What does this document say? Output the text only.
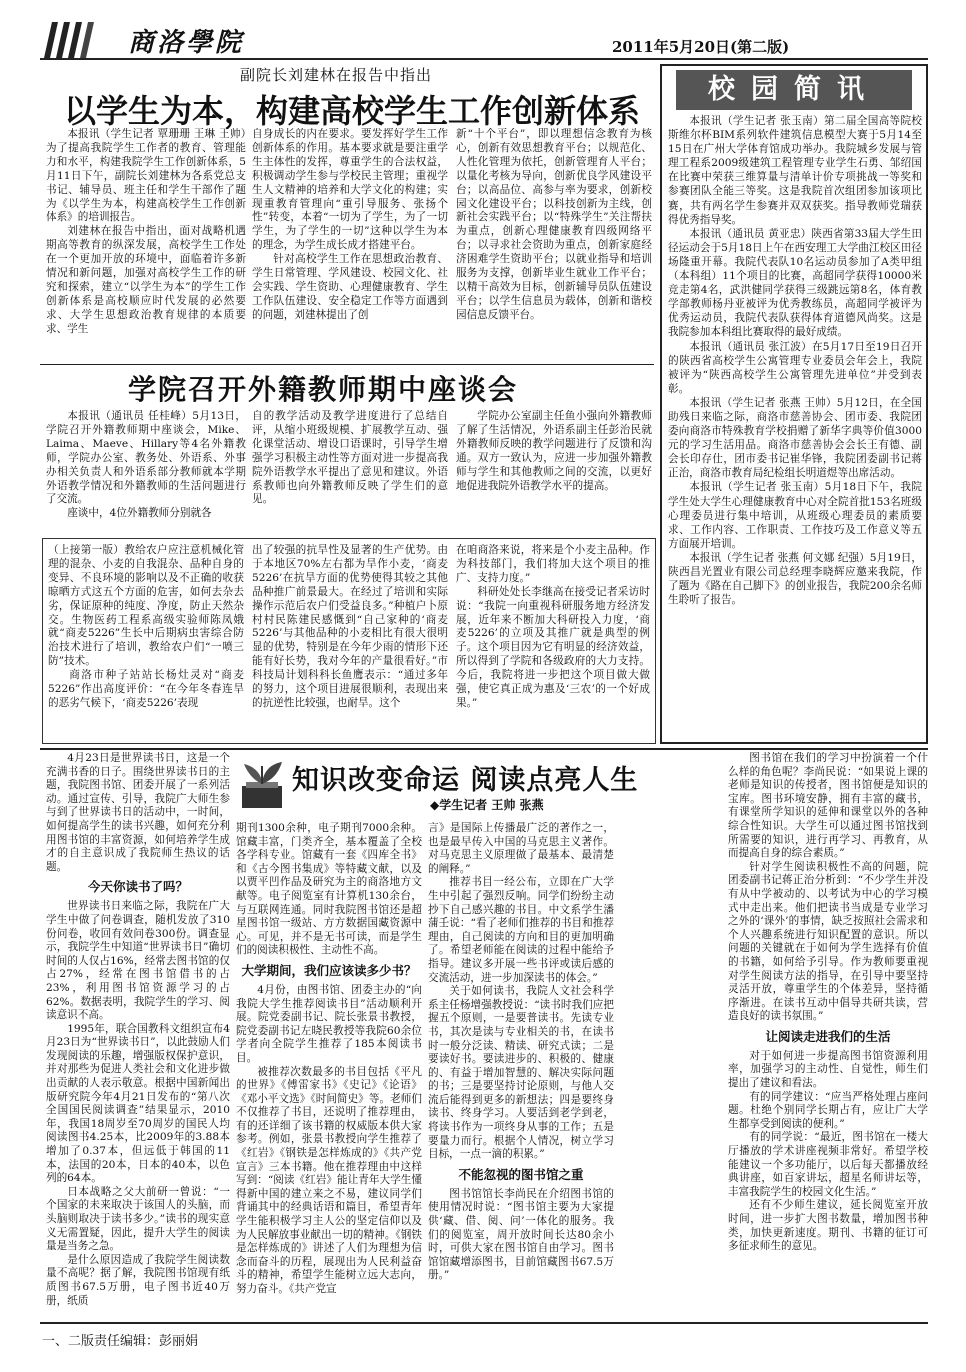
商洛學院	2011年5月20日(第二版)
副院长刘建林在报告中指出
以学生为本，构建高校学生工作创新体系

本报讯（学生记者 覃珊珊 王琳 王帅）为了提高我院学生工作者的教育、管理能力和水平，构建我院学生工作创新体系，5月11日下午，副院长刘建林为各系党总支书记、辅导员、班主任和学生干部作了题为《以学生为本，构建高校学生工作创新体系》的培训报告。

刘建林在报告中指出，面对战略机遇期高等教育的纵深发展，高校学生工作处在一个更加开放的环境中，面临着许多新情况和新问题，加强对高校学生工作的研究和探索，建立“以学生为本”的学生工作创新体系是高校顺应时代发展的必然要求、大学生思想政治教育规律的本质要求、学生

自身成长的内在要求。要发挥好学生工作创新体系的作用。基本要求就是要注重学生主体性的发挥，尊重学生的合法权益，积极调动学生参与学校民主管理；重视学生人文精神的培养和大学文化的构建；实现重教育管理向“重引导服务、张扬个性”转变，本着“一切为了学生，为了一切学生，为了学生的一切”这种以学生为本的理念，为学生成长成才搭建平台。

针对高校学生工作在思想政治教育、学生日常管理、学风建设、校园文化、社会实践、学生资助、心理健康教育、学生工作队伍建设、安全稳定工作等方面遇到的问题，刘建林提出了创

新“十个平台”，即以理想信念教育为核心，创新有效思想教育平台；以规范化、人性化管理为依托，创新管理育人平台；以量化考核为导向，创新优良学风建设平台；以高品位、高参与率为要求，创新校园文化建设平台；以科技创新为主线，创新社会实践平台；以“特殊学生”关注帮扶为重点，创新心理健康教育四级网络平台；以寻求社会资助为重点，创新家庭经济困难学生资助平台；以就业指导和培训服务为支撑，创新毕业生就业工作平台；以精干高效为目标，创新辅导员队伍建设平台；以学生信息员为载体，创新和谐校园信息反馈平台。

学院召开外籍教师期中座谈会

本报讯（通讯员 任桂峰）5月13日，学院召开外籍教师期中座谈会，Mike、Laima、Maeve、Hillary等4名外籍教师，学院办公室、教务处、外语系、外事办相关负责人和外语系部分教师就本学期外语教学情况和外籍教师的生活问题进行了交流。

座谈中，4位外籍教师分别就各

自的教学活动及教学进度进行了总结自评，从缩小班级规模、扩展教学互动、强化课堂活动、增设口语课时，引导学生增强学习积极主动性等方面对进一步提高我院外语教学水平提出了意见和建议。外语系教师也向外籍教师反映了学生们的意见。

学院办公室副主任鱼小强向外籍教师了解了生活情况，外语系副主任彭治民就外籍教师反映的教学问题进行了反馈和沟通。双方一致认为，应进一步加强外籍教师与学生和其他教师之间的交流，以更好地促进我院外语教学水平的提高。

（上接第一版）教给农户应注意机械化管理的混杂、小麦的自我混杂、品种自身的变异、不良环境的影响以及不正确的收获晾晒方式这五个方面的危害，如何去杂去劣，保证原种的纯度、净度，防止天然杂交。生物医药工程系高级实验师陈凤娥就“商麦5226”生长中后期病虫害综合防治技术进行了培训，教给农户们“一喷三防”技术。

商洛市种子站站长杨灶灵对“商麦5226”作出高度评价：“在今年冬春连旱的恶劣气候下，‘商麦5226’表现

出了较强的抗旱性及显著的生产优势。由于本地区70%左右都为旱作小麦，‘商麦5226’在抗旱方面的优势使得其较之其他品种推广前景最大。在经过了培训和实际操作示范后农户们受益良多。”种植户卜原村村民陈建民感慨到“自己家种的‘商麦5226’与其他品种的小麦相比有很大很明显的优势，特别是在今年少雨的情形下还能有好长势，我对今年的产量很看好。”市科技局计划科科长鱼鹰表示：“通过多年的努力，这个项目进展很顺利，表现出来的抗逆性比较强，也耐旱。这个

在咱商洛来说，将来是个小麦主品种。作为科技部门，我们将加大这个项目的推广、支持力度。”

科研处处长李继高在接受记者采访时说：“我院一向重视科研服务地方经济发展，近年来不断加大科研投入力度，‘商麦5226’的立项及其推广就是典型的例子。这个项目因为它有明显的经济效益，所以得到了学院和各级政府的大力支持。今后，我院将进一步把这个项目做大做强，使它真正成为惠及‘三农’的一个好成果。”

校园简讯

本报讯（学生记者 张玉南）第二届全国高等院校斯维尔杯BIM系列软件建筑信息模型大赛于5月14至15日在广州大学体育馆成功举办。我院城乡发展与管理工程系2009级建筑工程管理专业学生石勇、邹绍国在比赛中荣获三维算量与清单计价专项挑战一等奖和参赛团队全能三等奖。这是我院首次组团参加该项比赛，共有两名学生参赛并双双获奖。指导教师党瑞获得优秀指导奖。

本报讯（通讯员 黄亚忠）陕西省第33届大学生田径运动会于5月18日上午在西安理工大学曲江校区田径场隆重开幕。我院代表队10名运动员参加了A类甲组（本科组）11个项目的比赛，高超同学获得10000米竞走第4名，武洪健同学获得三级跳远第8名，体育教学部教师杨丹亚被评为优秀教练员，高超同学被评为优秀运动员，我院代表队获得体育道德风尚奖。这是我院参加本科组比赛取得的最好成绩。

本报讯（通讯员 张江波）在5月17日至19日召开的陕西省高校学生公寓管理专业委员会年会上，我院被评为“陕西高校学生公寓管理先进单位”并受到表彰。

本报讯（学生记者 张燕 王帅）5月12日，在全国助残日来临之际，商洛市慈善协会、团市委、我院团委向商洛市特殊教育学校捐赠了新华字典等价值3000元的学习生活用品。商洛市慈善协会会长王有德、副会长印存仕，团市委书记崔华锋，我院团委副书记蒋正治，商洛市教育局纪检组长明道煜等出席活动。

本报讯（学生记者 张玉南）5月18日下午，我院学生处大学生心理健康教育中心对全院首批153名班级心理委员进行集中培训，从班级心理委员的素质要求、工作内容、工作职责、工作技巧及工作意义等五方面展开培训。

本报讯（学生记者 张燕 何文娜 纪强）5月19日，陕西昌光置业有限公司总经理李晓辉应邀来我院，作了题为《路在自己脚下》的创业报告，我院200余名师生聆听了报告。

知识改变命运 阅读点亮人生
◆学生记者 王帅 张燕

4月23日是世界读书日，这是一个充满书香的日子。围绕世界读书日的主题，我院图书馆、团委开展了一系列活动。通过宣传、引导，我院广大师生参与到了世界读书日的活动中，一时间，如何提高学生的读书兴趣，如何充分利用图书馆的丰富资源，如何培养学生成才的自主意识成了我院师生热议的话题。

今天你读书了吗？

世界读书日来临之际，我院在广大学生中做了问卷调查，随机发放了310份问卷，收回有效问卷300份。调查显示，我院学生中知道“世界读书日”确切时间的人仅占16%，经常去图书馆的仅占27%，经常在图书馆借书的占23%，利用图书馆资源学习的占62%。数据表明，我院学生的学习、阅读意识不高。

1995年，联合国教科文组织宣布4月23日为“世界读书日”，以此鼓励人们发现阅读的乐趣，增强版权保护意识，并对那些为促进人类社会和文化进步做出贡献的人表示敬意。根据中国新闻出版研究院今年4月21日发布的“第八次全国国民阅读调查”结果显示，2010年，我国18周岁至70周岁的国民人均阅读图书4.25本，比2009年的3.88本增加了0.37本，但远低于韩国的11本，法国的20本，日本的40本，以色列的64本。

日本战略之父大前研一曾说：“一个国家的未来取决于该国人的头脑，而头脑则取决于读书多少。”读书的现实意义无需置疑，因此，提升大学生的阅读量是当务之急。

是什么原因造成了我院学生阅读数量不高呢？据了解，我院图书馆现有纸质图书67.5万册，电子图书近40万册，纸质

期刊1300余种，电子期刊7000余种。馆藏丰富，门类齐全，基本覆盖了全校各学科专业。馆藏有一套《四库全书》和《古今图书集成》等特藏文献，以及以贾平凹作品及研究为主的商洛地方文献等。电子阅览室有计算机130余台，与互联网连通。同时我院图书馆还是超星图书馆一级站、方方数据国藏资源中心。可见，并不是无书可读，而是学生们的阅读积极性、主动性不高。

大学期间，我们应该读多少书？

4月份，由图书馆、团委主办的“向我院大学生推荐阅读书目”活动顺利开展。院党委副书记、院长张景书教授，院党委副书记左晓民教授等我院60余位学者向全院学生推荐了185本阅读书目。

被推荐次数最多的书目包括《平凡的世界》《傅雷家书》《史记》《论语》《邓小平文选》《时间简史》等。老师们不仅推荐了书目，还说明了推荐理由，有的还详细了该书籍的权威版本供大家参考。例如，张景书教授向学生推荐了《红岩》《钢铁是怎样炼成的》《共产党宣言》三本书籍。他在推荐理由中这样写到：“阅读《红岩》能让青年大学生懂得新中国的建立来之不易，建议同学们背诵其中的经典话语和篇目，希望青年学生能积极学习主人公的坚定信仰以及为人民解放事业献出一切的精神。《钢铁是怎样炼成的》讲述了人们为理想为信念而奋斗的历程，展现出为人民利益奋斗的精神，希望学生能树立远大志向，努力奋斗。《共产党宣

言》是国际上传播最广泛的著作之一，也是最早传入中国的马克思主义著作。对马克思主义原理做了最基本、最清楚的阐释。”

推荐书目一经公布，立即在广大学生中引起了强烈反响。同学们纷纷主动抄下自己感兴趣的书目。中文系学生潘蒲壬说：“看了老师们推荐的书目和推荐理由，自己阅读的方向和目的更加明确了。希望老师能在阅读的过程中能给予指导。建议多开展一些书评或读后感的交流活动，进一步加深读书的体会。”

关于如何读书，我院人文社会科学系主任杨增强教授说：“读书时我们应把握五个原则，一是要普读书。先读专业书，其次是读与专业相关的书，在读书时一般分泛读、精读、研究式读；二是要读好书。要读进步的、积极的、健康的、有益于增加智慧的、解决实际问题的书；三是要坚持讨论原则，与他人交流后能得到更多的新想法；四是要终身读书、终身学习。人要活到老学到老，将读书作为一项终身从事的工作；五是要量力而行。根据个人情况，树立学习目标，一点一滴的积累。”

不能忽视的图书馆之重

图书馆馆长李尚民在介绍图书馆的使用情况时说：“图书馆主要为大家提供‘藏、借、阅、问’一体化的服务。我们的阅览室，周开放时间长达80余小时，可供大家在图书馆自由学习。图书馆馆藏增添图书，目前馆藏图书67.5万册。”

图书馆在我们的学习中扮演着一个什么样的角色呢？李尚民说：“如果说上课的老师是知识的传授者，图书馆便是知识的宝库。图书环境安静，拥有丰富的藏书，有课堂所学知识的延伸和课堂以外的各种综合性知识。大学生可以通过图书馆找到所需要的知识，进行再学习、再教育，从而提高自身的综合素质。”

针对学生阅读积极性不高的问题，院团委副书记蒋正治分析到：“不少学生并没有从中学被动的、以考试为中心的学习模式中走出来。他们把读书当成是专业学习之外的‘课外’的事情，缺乏按照社会需求和个人兴趣系统进行知识配置的意识。所以问题的关键就在于如何为学生选择有价值的书籍，如何给予引导。作为教师要重视对学生阅读方法的指导，在引导中要坚持灵活开放，尊重学生的个体差异，坚持循序渐进。在读书互动中倡导共研共读，营造良好的读书氛围。”

让阅读走进我们的生活

对于如何进一步提高图书馆资源利用率，加强学习的主动性、自觉性，师生们提出了建议和看法。

有的同学建议：“应当严格处理占座问题。杜绝个别同学长期占有，应让广大学生都享受到阅读的便利。”

有的同学说：“最近，图书馆在一楼大厅播放的学术讲座视频非常好。希望学校能建议一个多功能厅，以后每天都播放经典讲座，如百家讲坛，超星名师讲坛等，丰富我院学生的校园文化生活。”

还有不少师生建议，延长阅览室开放时间，进一步扩大图书数量，增加图书种类，加快更新速度。期刊、书籍的征订可多征求师生的意见。

一、二版责任编辑：彭丽娟
